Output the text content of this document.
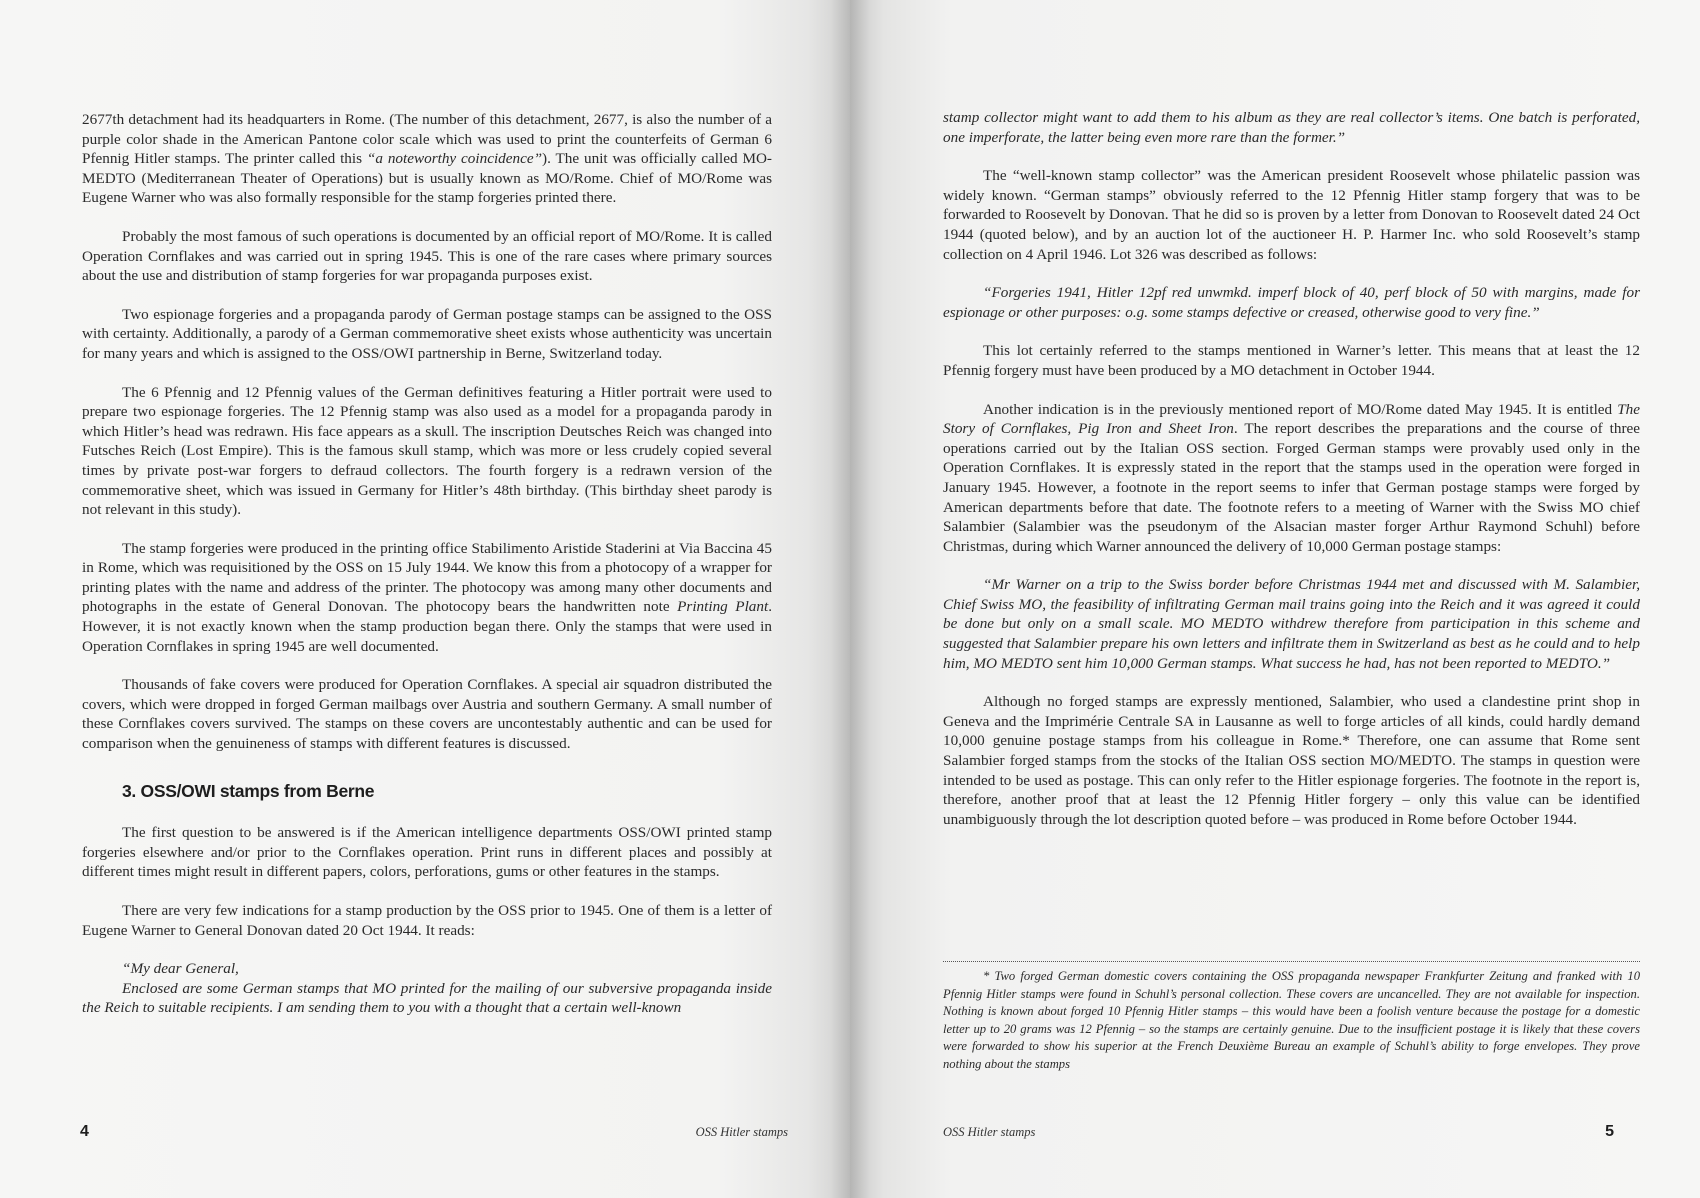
2677th detachment had its headquarters in Rome. (The number of this detachment, 2677, is also the number of a purple color shade in the American Pantone color scale which was used to print the counterfeits of German 6 Pfennig Hitler stamps. The printer called this “a noteworthy coincidence”). The unit was officially called MO-MEDTO (Mediterranean Theater of Operations) but is usually known as MO/Rome. Chief of MO/Rome was Eugene Warner who was also formally responsible for the stamp forgeries printed there.

Probably the most famous of such operations is documented by an official report of MO/Rome. It is called Operation Cornflakes and was carried out in spring 1945. This is one of the rare cases where primary sources about the use and distribution of stamp forgeries for war propaganda purposes exist.

Two espionage forgeries and a propaganda parody of German postage stamps can be assigned to the OSS with certainty. Additionally, a parody of a German commemorative sheet exists whose authenticity was uncertain for many years and which is assigned to the OSS/OWI partnership in Berne, Switzerland today.

The 6 Pfennig and 12 Pfennig values of the German definitives featuring a Hitler portrait were used to prepare two espionage forgeries. The 12 Pfennig stamp was also used as a model for a propaganda parody in which Hitler’s head was redrawn. His face appears as a skull. The inscription Deutsches Reich was changed into Futsches Reich (Lost Empire). This is the famous skull stamp, which was more or less crudely copied several times by private post-war forgers to defraud collectors. The fourth forgery is a redrawn version of the commemorative sheet, which was issued in Germany for Hitler’s 48th birthday. (This birthday sheet parody is not relevant in this study).

The stamp forgeries were produced in the printing office Stabilimento Aristide Staderini at Via Baccina 45 in Rome, which was requisitioned by the OSS on 15 July 1944. We know this from a photocopy of a wrapper for printing plates with the name and address of the printer. The photocopy was among many other documents and photographs in the estate of General Donovan. The photocopy bears the handwritten note Printing Plant. However, it is not exactly known when the stamp production began there. Only the stamps that were used in Operation Cornflakes in spring 1945 are well documented.

Thousands of fake covers were produced for Operation Cornflakes. A special air squadron distributed the covers, which were dropped in forged German mailbags over Austria and southern Germany. A small number of these Cornflakes covers survived. The stamps on these covers are uncontestably authentic and can be used for comparison when the genuineness of stamps with different features is discussed.

3. OSS/OWI stamps from Berne

The first question to be answered is if the American intelligence departments OSS/OWI printed stamp forgeries elsewhere and/or prior to the Cornflakes operation. Print runs in different places and possibly at different times might result in different papers, colors, perforations, gums or other features in the stamps.

There are very few indications for a stamp production by the OSS prior to 1945. One of them is a letter of Eugene Warner to General Donovan dated 20 Oct 1944. It reads:

“My dear General,
Enclosed are some German stamps that MO printed for the mailing of our subversive propaganda inside the Reich to suitable recipients. I am sending them to you with a thought that a certain well-known
4	OSS Hitler stamps

stamp collector might want to add them to his album as they are real collector’s items. One batch is perforated, one imperforate, the latter being even more rare than the former.”

The “well-known stamp collector” was the American president Roosevelt whose philatelic passion was widely known. “German stamps” obviously referred to the 12 Pfennig Hitler stamp forgery that was to be forwarded to Roosevelt by Donovan. That he did so is proven by a letter from Donovan to Roosevelt dated 24 Oct 1944 (quoted below), and by an auction lot of the auctioneer H. P. Harmer Inc. who sold Roosevelt’s stamp collection on 4 April 1946. Lot 326 was described as follows:

“Forgeries 1941, Hitler 12pf red unwmkd. imperf block of 40, perf block of 50 with margins, made for espionage or other purposes: o.g. some stamps defective or creased, otherwise good to very fine.”

This lot certainly referred to the stamps mentioned in Warner’s letter. This means that at least the 12 Pfennig forgery must have been produced by a MO detachment in October 1944.

Another indication is in the previously mentioned report of MO/Rome dated May 1945. It is entitled The Story of Cornflakes, Pig Iron and Sheet Iron. The report describes the preparations and the course of three operations carried out by the Italian OSS section. Forged German stamps were provably used only in the Operation Cornflakes. It is expressly stated in the report that the stamps used in the operation were forged in January 1945. However, a footnote in the report seems to infer that German postage stamps were forged by American departments before that date. The footnote refers to a meeting of Warner with the Swiss MO chief Salambier (Salambier was the pseudonym of the Alsacian master forger Arthur Raymond Schuhl) before Christmas, during which Warner announced the delivery of 10,000 German postage stamps:

“Mr Warner on a trip to the Swiss border before Christmas 1944 met and discussed with M. Salambier, Chief Swiss MO, the feasibility of infiltrating German mail trains going into the Reich and it was agreed it could be done but only on a small scale. MO MEDTO withdrew therefore from participation in this scheme and suggested that Salambier prepare his own letters and infiltrate them in Switzerland as best as he could and to help him, MO MEDTO sent him 10,000 German stamps. What success he had, has not been reported to MEDTO.”

Although no forged stamps are expressly mentioned, Salambier, who used a clandestine print shop in Geneva and the Imprimérie Centrale SA in Lausanne as well to forge articles of all kinds, could hardly demand 10,000 genuine postage stamps from his colleague in Rome.* Therefore, one can assume that Rome sent Salambier forged stamps from the stocks of the Italian OSS section MO/MEDTO. The stamps in question were intended to be used as postage. This can only refer to the Hitler espionage forgeries. The footnote in the report is, therefore, another proof that at least the 12 Pfennig Hitler forgery – only this value can be identified unambiguously through the lot description quoted before – was produced in Rome before October 1944.

* Two forged German domestic covers containing the OSS propaganda newspaper Frankfurter Zeitung and franked with 10 Pfennig Hitler stamps were found in Schuhl’s personal collection. These covers are uncancelled. They are not available for inspection. Nothing is known about forged 10 Pfennig Hitler stamps – this would have been a foolish venture because the postage for a domestic letter up to 20 grams was 12 Pfennig – so the stamps are certainly genuine. Due to the insufficient postage it is likely that these covers were forwarded to show his superior at the French Deuxième Bureau an example of Schuhl’s ability to forge envelopes. They prove nothing about the stamps
OSS Hitler stamps	5
